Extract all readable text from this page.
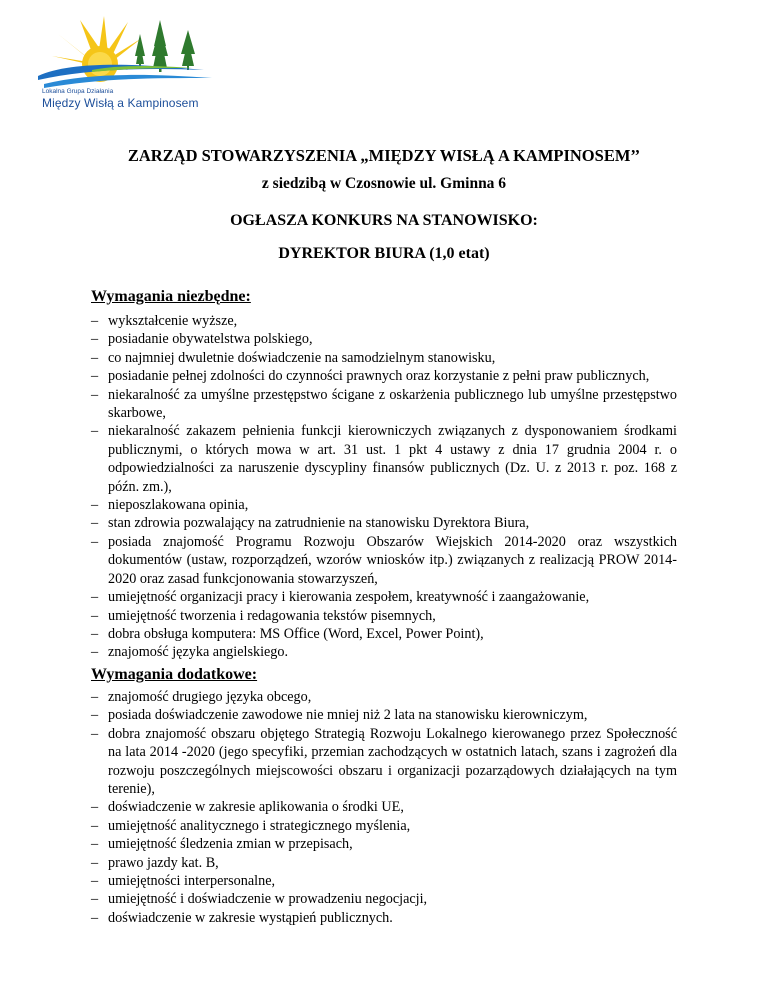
Lokalna Grupa Działania
Między Wisłą a Kampinosem
ZARZĄD STOWARZYSZENIA „MIĘDZY WISŁĄ A KAMPINOSEM’’
z siedzibą w Czosnowie ul. Gminna 6
OGŁASZA KONKURS NA STANOWISKO:
DYREKTOR BIURA (1,0 etat)
Wymagania niezbędne:
– wykształcenie wyższe,
– posiadanie obywatelstwa polskiego,
– co najmniej dwuletnie doświadczenie na samodzielnym stanowisku,
– posiadanie pełnej zdolności do czynności prawnych oraz korzystanie z pełni praw publicznych,
– niekaralność za umyślne przestępstwo ścigane z oskarżenia publicznego lub umyślne przestępstwo skarbowe,
– niekaralność zakazem pełnienia funkcji kierowniczych związanych z dysponowaniem środkami publicznymi, o których mowa w art. 31 ust. 1 pkt 4 ustawy z dnia 17 grudnia 2004 r. o odpowiedzialności za naruszenie dyscypliny finansów publicznych (Dz. U. z 2013 r. poz. 168 z późn. zm.),
– nieposzlakowana opinia,
– stan zdrowia pozwalający na zatrudnienie na stanowisku Dyrektora Biura,
– posiada znajomość Programu Rozwoju Obszarów Wiejskich 2014-2020 oraz wszystkich dokumentów (ustaw, rozporządzeń, wzorów wniosków itp.) związanych z realizacją PROW 2014-2020 oraz zasad funkcjonowania stowarzyszeń,
– umiejętność organizacji pracy i kierowania zespołem, kreatywność i zaangażowanie,
– umiejętność tworzenia i redagowania tekstów pisemnych,
– dobra obsługa komputera: MS Office (Word, Excel, Power Point),
– znajomość języka angielskiego.
Wymagania dodatkowe:
– znajomość drugiego języka obcego,
– posiada doświadczenie zawodowe nie mniej niż 2 lata na stanowisku kierowniczym,
– dobra znajomość obszaru objętego Strategią Rozwoju Lokalnego kierowanego przez Społeczność na lata 2014 -2020 (jego specyfiki, przemian zachodzących w ostatnich latach, szans i zagrożeń dla rozwoju poszczególnych miejscowości obszaru i organizacji pozarządowych działających na tym terenie),
– doświadczenie w zakresie aplikowania o środki UE,
– umiejętność analitycznego i strategicznego myślenia,
– umiejętność śledzenia zmian w przepisach,
– prawo jazdy kat. B,
– umiejętności interpersonalne,
– umiejętność i doświadczenie w prowadzeniu negocjacji,
– doświadczenie w zakresie wystąpień publicznych.
